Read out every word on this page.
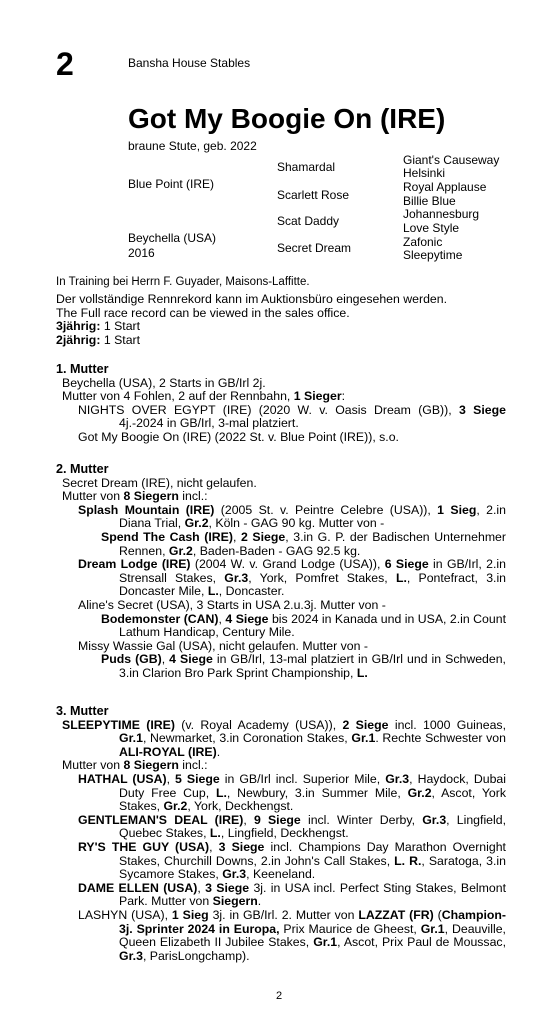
2	Bansha House Stables
Got My Boogie On (IRE)
braune Stute, geb. 2022
Blue Point (IRE)
Beychella (USA)
2016
Shamardal
Scarlett Rose
Scat Daddy
Secret Dream
Giant's Causeway
Helsinki
Royal Applause
Billie Blue
Johannesburg
Love Style
Zafonic
Sleepytime
In Training bei Herrn F. Guyader, Maisons-Laffitte.

Der vollständige Rennrekord kann im Auktionsbüro eingesehen werden.

The Full race record can be viewed in the sales office.

3jährig: 1 Start

2jährig: 1 Start

1. Mutter

Beychella (USA), 2 Starts in GB/Irl 2j.

Mutter von 4 Fohlen, 2 auf der Rennbahn, 1 Sieger:

NIGHTS OVER EGYPT (IRE) (2020 W. v. Oasis Dream (GB)), 3 Siege 4j.-2024 in GB/Irl, 3-mal platziert.

Got My Boogie On (IRE) (2022 St. v. Blue Point (IRE)), s.o.

2. Mutter

Secret Dream (IRE), nicht gelaufen.

Mutter von 8 Siegern incl.:

Splash Mountain (IRE) (2005 St. v. Peintre Celebre (USA)), 1 Sieg, 2.in Diana Trial, Gr.2, Köln - GAG 90 kg. Mutter von -

Spend The Cash (IRE), 2 Siege, 3.in G. P. der Badischen Unternehmer Rennen, Gr.2, Baden-Baden - GAG 92.5 kg.

Dream Lodge (IRE) (2004 W. v. Grand Lodge (USA)), 6 Siege in GB/Irl, 2.in Strensall Stakes, Gr.3, York, Pomfret Stakes, L., Pontefract, 3.in Doncaster Mile, L., Doncaster.

Aline's Secret (USA), 3 Starts in USA 2.u.3j. Mutter von -

Bodemonster (CAN), 4 Siege bis 2024 in Kanada und in USA, 2.in Count Lathum Handicap, Century Mile.

Missy Wassie Gal (USA), nicht gelaufen. Mutter von -

Puds (GB), 4 Siege in GB/Irl, 13-mal platziert in GB/Irl und in Schweden, 3.in Clarion Bro Park Sprint Championship, L.

3. Mutter

SLEEPYTIME (IRE) (v. Royal Academy (USA)), 2 Siege incl. 1000 Guineas, Gr.1, Newmarket, 3.in Coronation Stakes, Gr.1. Rechte Schwester von ALI-ROYAL (IRE).

Mutter von 8 Siegern incl.:

HATHAL (USA), 5 Siege in GB/Irl incl. Superior Mile, Gr.3, Haydock, Dubai Duty Free Cup, L., Newbury, 3.in Summer Mile, Gr.2, Ascot, York Stakes, Gr.2, York, Deckhengst.

GENTLEMAN'S DEAL (IRE), 9 Siege incl. Winter Derby, Gr.3, Lingfield, Quebec Stakes, L., Lingfield, Deckhengst.

RY'S THE GUY (USA), 3 Siege incl. Champions Day Marathon Overnight Stakes, Churchill Downs, 2.in John's Call Stakes, L. R., Saratoga, 3.in Sycamore Stakes, Gr.3, Keeneland.

DAME ELLEN (USA), 3 Siege 3j. in USA incl. Perfect Sting Stakes, Belmont Park. Mutter von Siegern.

LASHYN (USA), 1 Sieg 3j. in GB/Irl. 2. Mutter von LAZZAT (FR) (Champion-3j. Sprinter 2024 in Europa, Prix Maurice de Gheest, Gr.1, Deauville, Queen Elizabeth II Jubilee Stakes, Gr.1, Ascot, Prix Paul de Moussac, Gr.3, ParisLongchamp).

2
